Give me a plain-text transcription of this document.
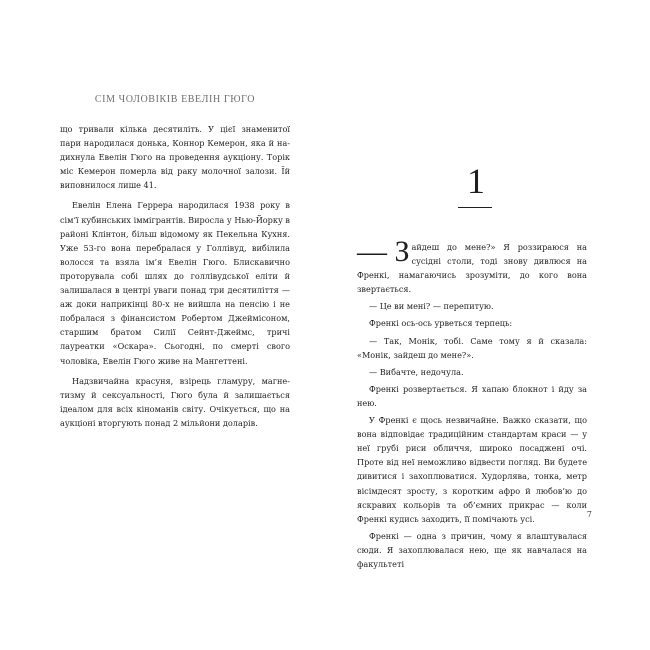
СІМ ЧОЛОВІКІВ ЕВЕЛІН ГЮГО

що тривали кілька десятиліть. У цієї знаменитої пари народилася донька, Коннор Кемерон, яка й надихнула Евелін Гюго на проведення аукціону. Торік міс Кемерон померла від раку молочної залози. Їй виповнилося лише 41.

Евелін Елена Геррера народилася 1938 року в сім’ї кубинських іммігрантів. Виросла у Нью-Йорку в районі Клінтон, більш відомому як Пекельна Кухня. Уже 53-го вона перебралася у Голлівуд, вибілила волосся та взяла ім’я Евелін Гюго. Блискавично проторувала собі шлях до голлівудської еліти й залишалася в центрі уваги понад три десятиліття — аж доки наприкінці 80-х не вийшла на пенсію і не побралася з фінансистом Робертом Джеймісоном, старшим братом Силії Сейнт-Джеймс, тричі лауреатки «Оскара». Сьогодні, по смерті свого чоловіка, Евелін Гюго живе на Мангеттені.

Надзвичайна красуня, взірець гламуру, магнетизму й сексуальності, Гюго була й залишається ідеалом для всіх кіноманів світу. Очікується, що на аукціоні вторгують понад 2 мільйони доларів.

1

— З айдеш до мене?» Я роззираюся на сусідні столи, тоді знову дивлюся на Френкі, намагаючись зрозуміти, до кого вона звертається.

— Це ви мені? — перепитую.

Френкі ось-ось урветься терпець:

— Так, Монік, тобі. Саме тому я й сказала: «Монік, зайдеш до мене?».

— Вибачте, недочула.

Френкі розвертається. Я хапаю блокнот і йду за нею.

У Френкі є щось незвичайне. Важко сказати, що вона відповідає традиційним стандартам краси — у неї грубі риси обличчя, широко посаджені очі. Проте від неї неможливо відвести погляд. Ви будете дивитися і захоплюватися. Худорлява, тонка, метр вісімдесят зросту, з коротким афро й любов’ю до яскравих кольорів та об’ємних прикрас — коли Френкі кудись заходить, її помічають усі.

Френкі — одна з причин, чому я влаштувалася сюди. Я захоплювалася нею, ще як навчалася на факультеті

7
